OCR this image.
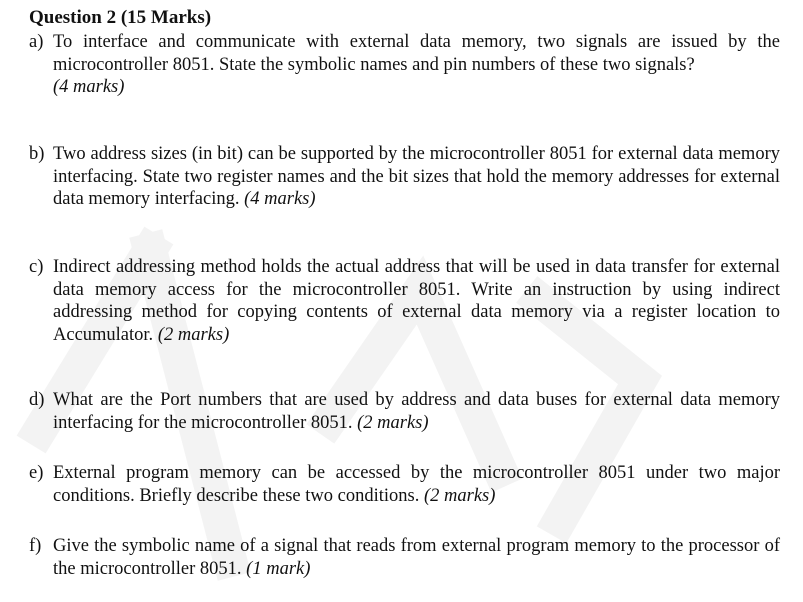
Question 2 (15 Marks)
a) To interface and communicate with external data memory, two signals are issued by the microcontroller 8051. State the symbolic names and pin numbers of these two signals?
(4 marks)
b) Two address sizes (in bit) can be supported by the microcontroller 8051 for external data memory interfacing. State two register names and the bit sizes that hold the memory addresses for external data memory interfacing. (4 marks)
c) Indirect addressing method holds the actual address that will be used in data transfer for external data memory access for the microcontroller 8051. Write an instruction by using indirect addressing method for copying contents of external data memory via a register location to Accumulator. (2 marks)
d) What are the Port numbers that are used by address and data buses for external data memory interfacing for the microcontroller 8051. (2 marks)
e) External program memory can be accessed by the microcontroller 8051 under two major conditions. Briefly describe these two conditions. (2 marks)
f) Give the symbolic name of a signal that reads from external program memory to the processor of the microcontroller 8051. (1 mark)
